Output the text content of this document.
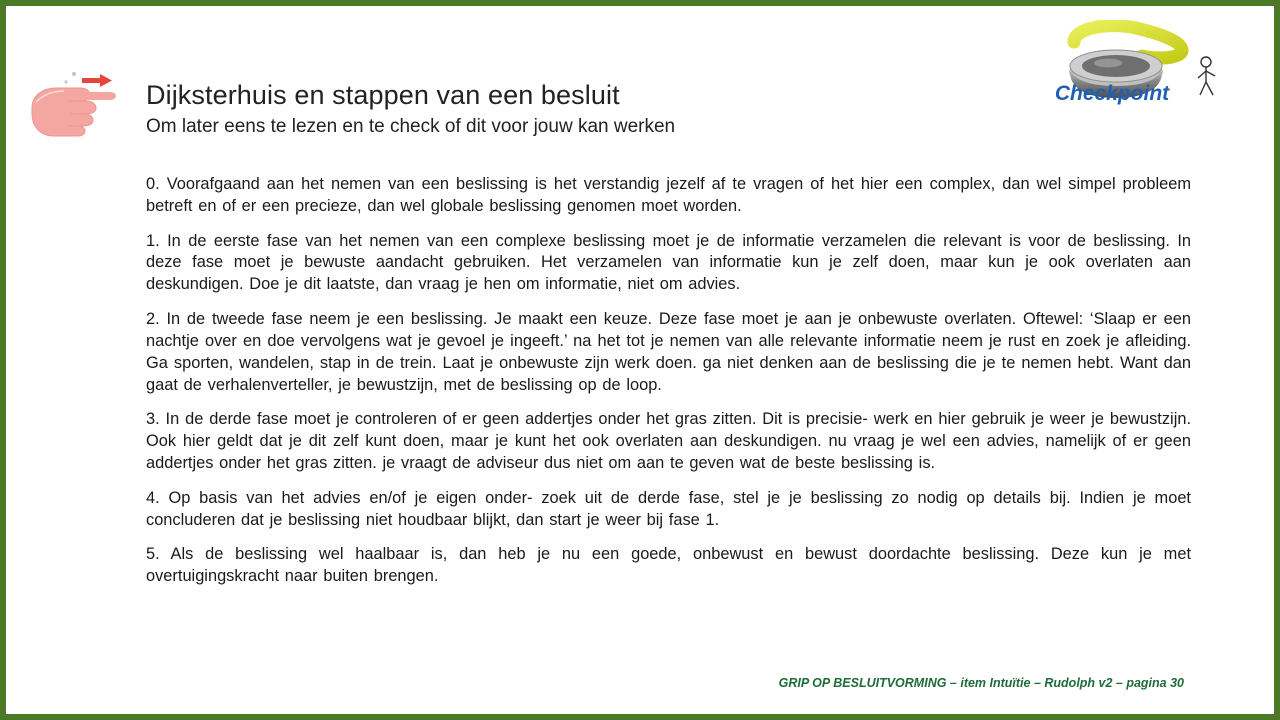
Checkpoint
Dijksterhuis en stappen van een besluit
Om later eens te lezen en te check of dit voor jouw kan werken

0. Voorafgaand aan het nemen van een beslissing is het verstandig jezelf af te vragen of het hier een complex, dan wel simpel probleem betreft en of er een precieze, dan wel globale beslissing genomen moet worden.

1. In de eerste fase van het nemen van een complexe beslissing moet je de informatie verzamelen die relevant is voor de beslissing. In deze fase moet je bewuste aandacht gebruiken. Het verzamelen van informatie kun je zelf doen, maar kun je ook overlaten aan deskundigen. Doe je dit laatste, dan vraag je hen om informatie, niet om advies.

2. In de tweede fase neem je een beslissing. Je maakt een keuze. Deze fase moet je aan je onbewuste overlaten. Oftewel: ‘Slaap er een nachtje over en doe vervolgens wat je gevoel je ingeeft.’ na het tot je nemen van alle relevante informatie neem je rust en zoek je afleiding. Ga sporten, wandelen, stap in de trein. Laat je onbewuste zijn werk doen. ga niet denken aan de beslissing die je te nemen hebt. Want dan gaat de verhalenverteller, je bewustzijn, met de beslissing op de loop.

3. In de derde fase moet je controleren of er geen addertjes onder het gras zitten. Dit is precisie- werk en hier gebruik je weer je bewustzijn. Ook hier geldt dat je dit zelf kunt doen, maar je kunt het ook overlaten aan deskundigen. nu vraag je wel een advies, namelijk of er geen addertjes onder het gras zitten. je vraagt de adviseur dus niet om aan te geven wat de beste beslissing is.

4. Op basis van het advies en/of je eigen onder- zoek uit de derde fase, stel je je beslissing zo nodig op details bij. Indien je moet concluderen dat je beslissing niet houdbaar blijkt, dan start je weer bij fase 1.

5. Als de beslissing wel haalbaar is, dan heb je nu een goede, onbewust en bewust doordachte beslissing. Deze kun je met overtuigingskracht naar buiten brengen.

GRIP OP BESLUITVORMING – item Intuïtie – Rudolph v2 – pagina 30
